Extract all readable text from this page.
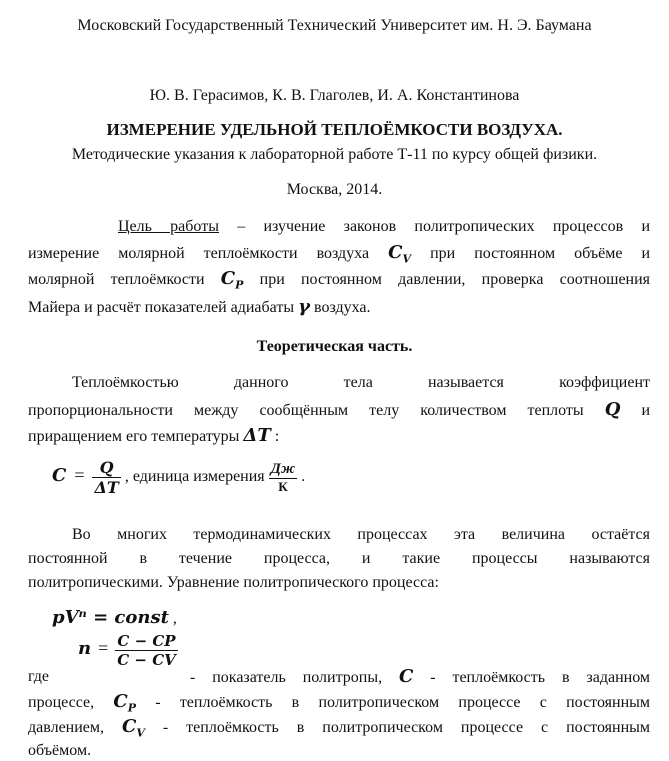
Московский Государственный Технический Университет им. Н. Э. Баумана
Ю. В. Герасимов, К. В. Глаголев, И. А. Константинова
ИЗМЕРЕНИЕ УДЕЛЬНОЙ ТЕПЛОЁМКОСТИ ВОЗДУХА.
Методические указания к лабораторной работе Т-11 по курсу общей физики.
Москва, 2014.
Цель работы – изучение законов политропических процессов и
измерение молярной теплоёмкости воздуха $C_V$ при постоянном объёме и
молярной теплоёмкости $C_P$ при постоянном давлении, проверка соотношения
Майера и расчёт показателей адиабаты γ воздуха.
Теоретическая часть.
Теплоёмкостью данного тела называется коэффициент
пропорциональности между сообщённым телу количеством теплоты Q и
приращением его температуры ΔT :
$C = \frac{Q}{\Delta T}$ , единица измерения $\frac{Дж}{К}$ .
Во многих термодинамических процессах эта величина остаётся
постоянной в течение процесса, и такие процессы называются
политропическими. Уравнение политропического процесса:
pVⁿ = const ,
$n = \frac{C - CP}{C - CV}$
где	- показатель политропы, C - теплоёмкость в заданном
процессе, $C_P$ - теплоёмкость в политропическом процессе с постоянным
давлением, $C_V$ - теплоёмкость в политропическом процессе с постоянным
объёмом.
